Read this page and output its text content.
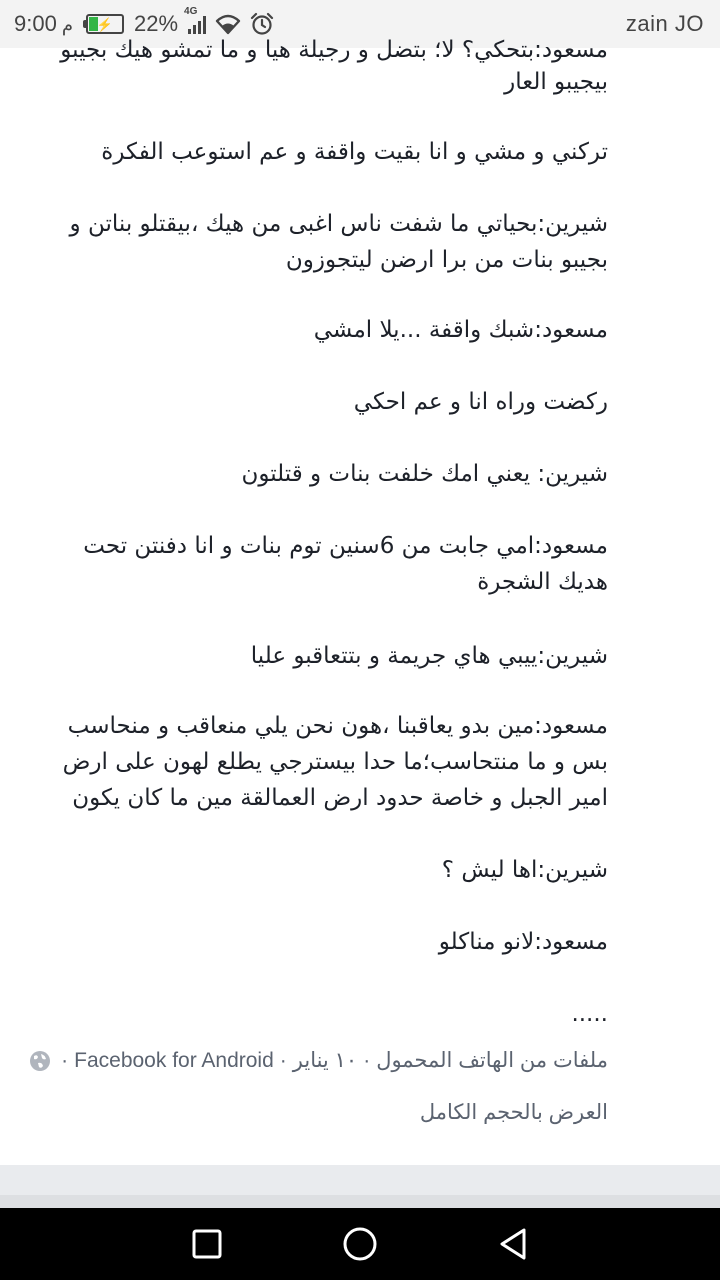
9:00 م ⚡ 22% 4G	zain JO

مسعود:بتحكي؟ لا؛ بتضل و رجيلة هيا و ما تمشو هيك بجيبو

بيجيبو العار

تركني و مشي و انا بقيت واقفة و عم استوعب الفكرة

شيرين:بحياتي ما شفت ناس اغبى من هيك ،بيقتلو بناتن و بجيبو بنات من برا ارضن ليتجوزون

مسعود:شبك واقفة ...يلا امشي

ركضت وراه انا و عم احكي

شيرين: يعني امك خلفت بنات و قتلتون

مسعود:امي جابت من 6سنين توم بنات و انا دفنتن تحت هديك الشجرة

شيرين:ييبي هاي جريمة و بتتعاقبو عليا

مسعود:مين بدو يعاقبنا ،هون نحن يلي منعاقب و منحاسب بس و ما منتحاسب؛ما حدا بيسترجي يطلع لهون على ارض امير الجبل و خاصة حدود ارض العمالقة مين ما كان يكون

شيرين:اها ليش ؟

مسعود:لانو مناكلو

.....

ملفات من الهاتف المحمول
·
١٠ يناير
·
Facebook for Android
·
العرض بالحجم الكامل
